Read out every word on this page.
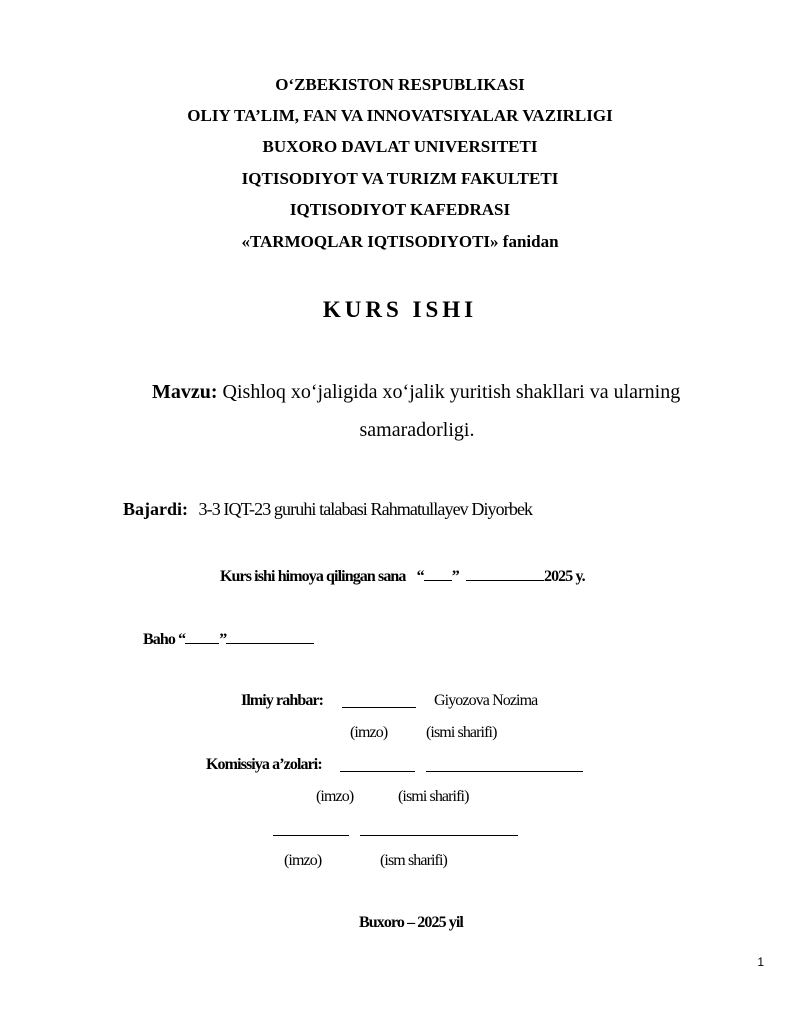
O‘ZBEKISTON RESPUBLIKASI
OLIY TA’LIM, FAN VA INNOVATSIYALAR VAZIRLIGI
BUXORO DAVLAT UNIVERSITETI
IQTISODIYOT VA TURIZM FAKULTETI
IQTISODIYOT KAFEDRASI
«TARMOQLAR IQTISODIYOTI» fanidan
KURS ISHI
Mavzu: Qishloq xo‘jaligida xo‘jalik yuritish shakllari va ularning
samaradorligi.
Bajardi: 3-3 IQT-23 guruhi talabasi Rahmatullayev Diyorbek
Kurs ishi himoya qilingan sana “ ”	2025 y.
Baho “ ”
Ilmiy rahbar:	Giyozova Nozima
(imzo) (ismi sharifi)
Komissiya a’zolari:
(imzo)	(ismi sharifi)
(imzo)	(ism sharifi)
Buxoro – 2025 yil
1
